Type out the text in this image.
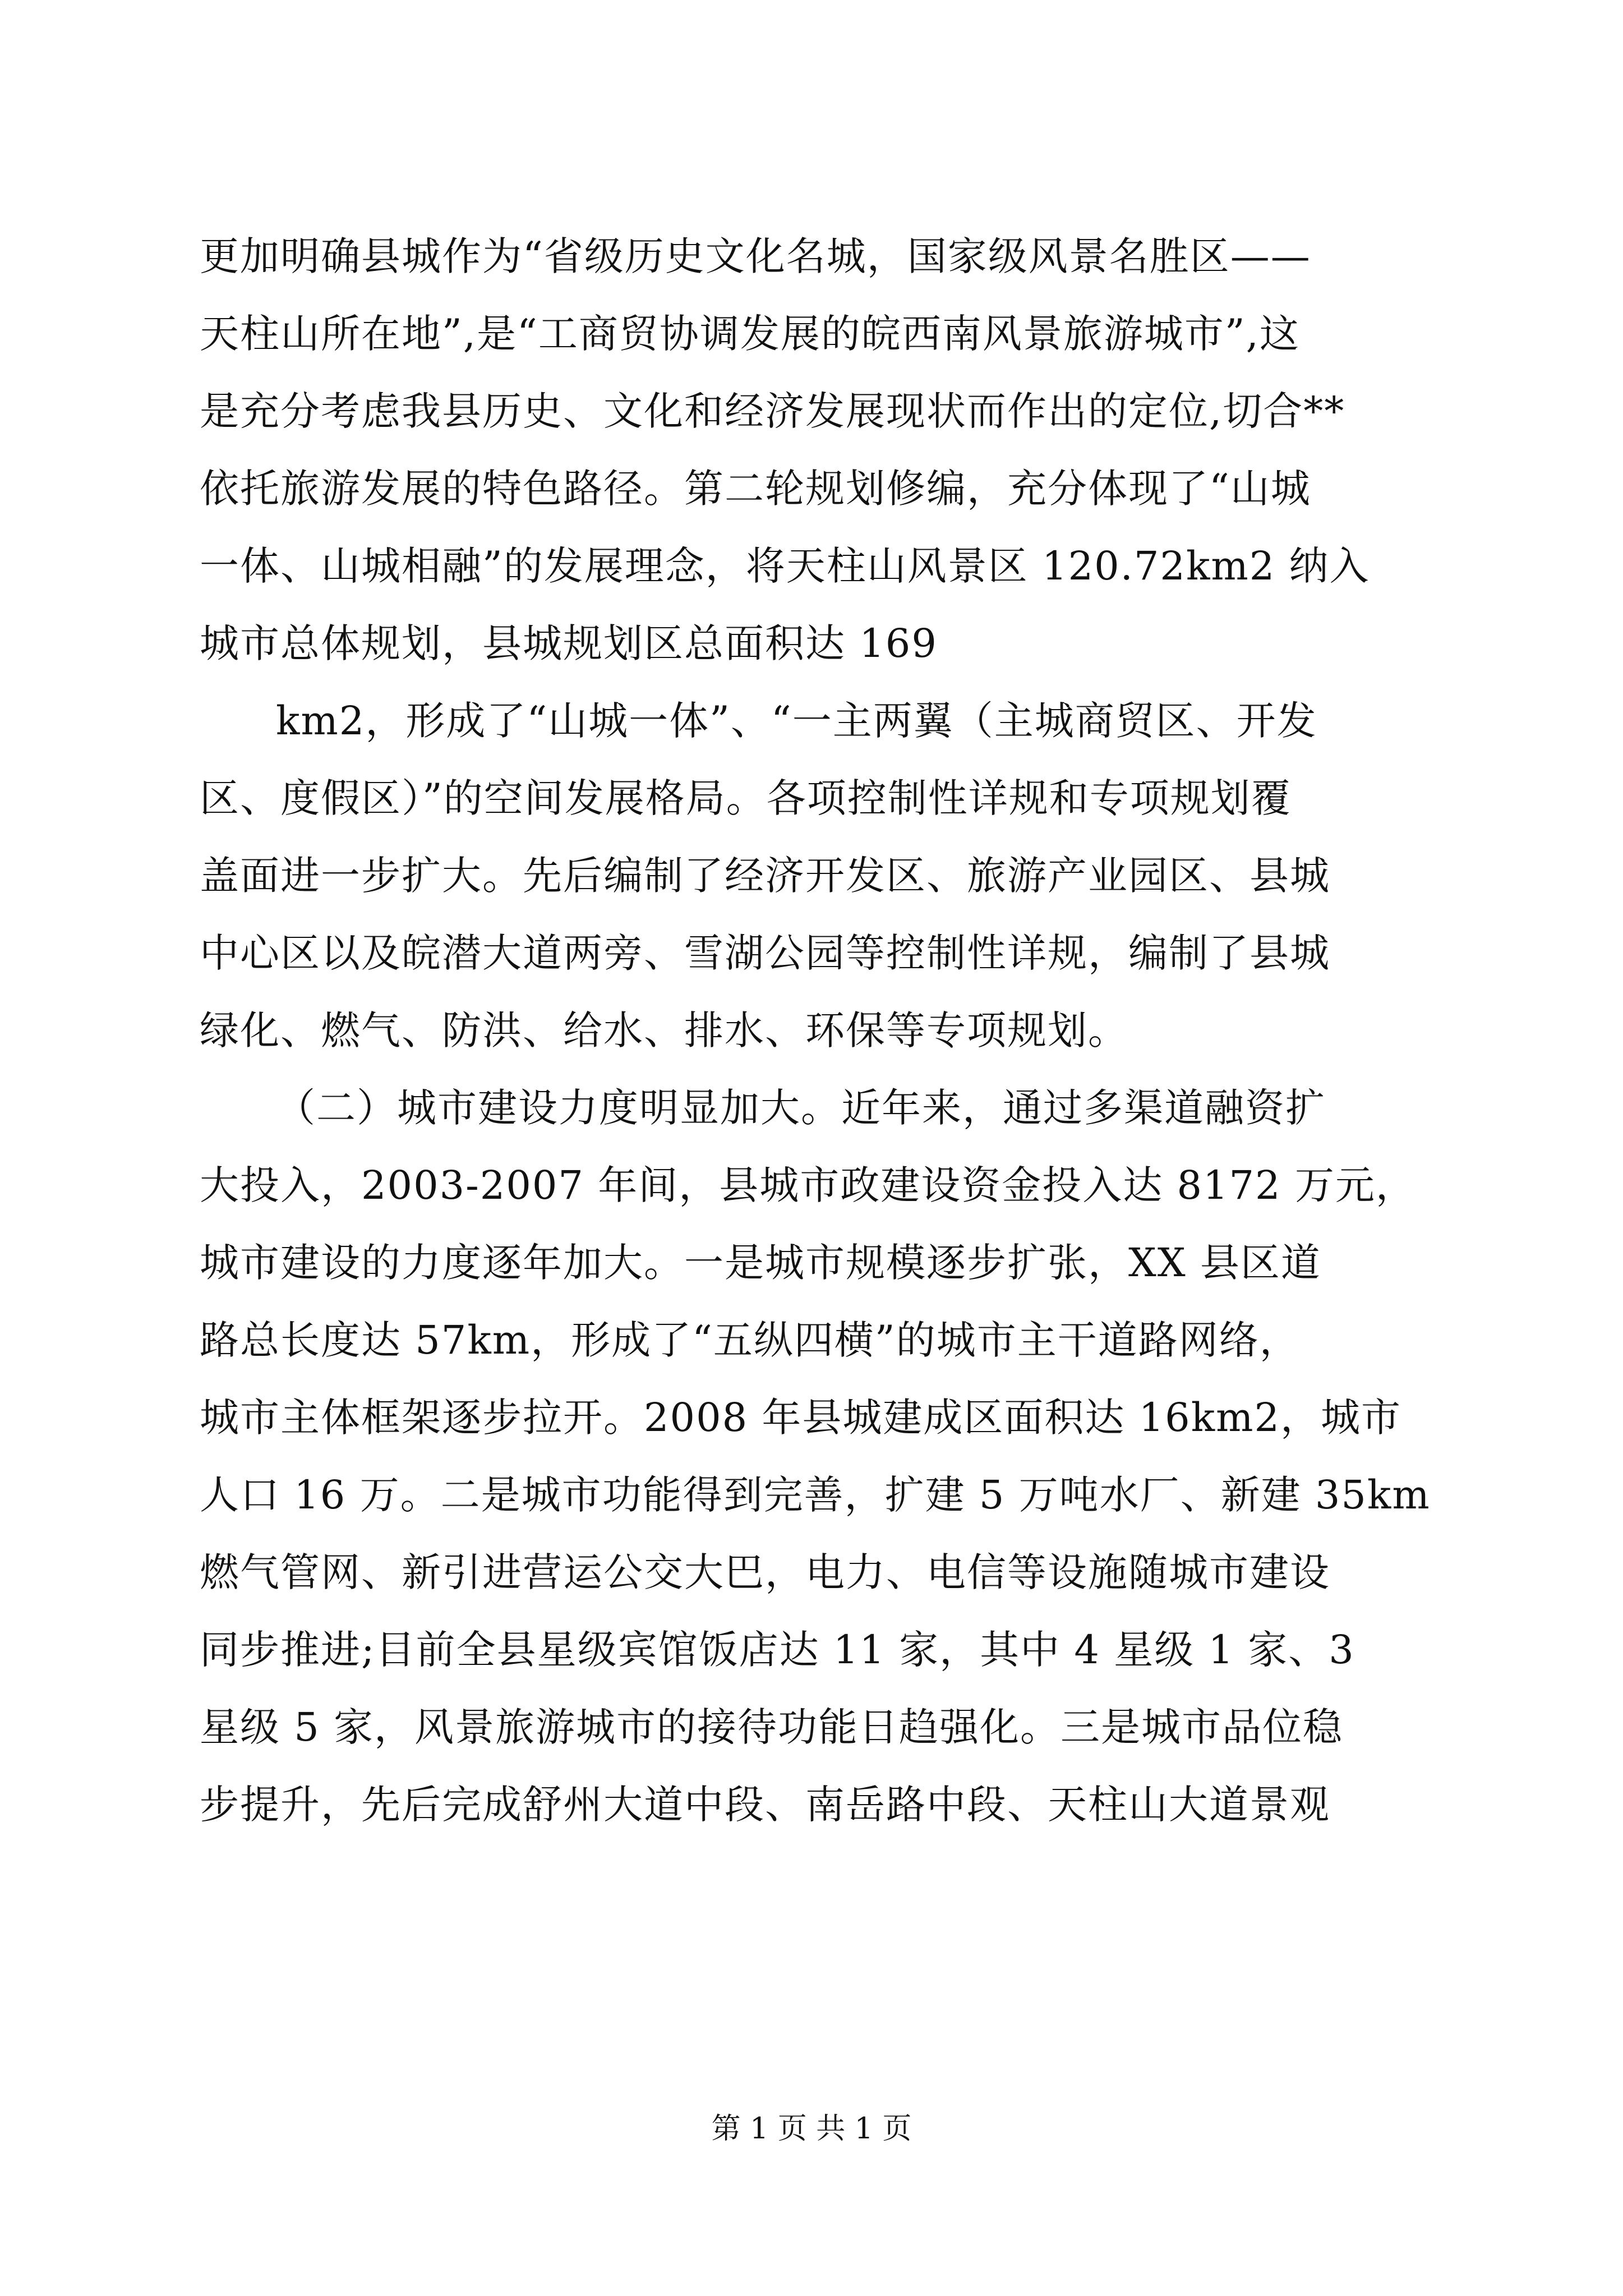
更加明确县城作为“省级历史文化名城，国家级风景名胜区——
天柱山所在地”,是“工商贸协调发展的皖西南风景旅游城市”,这
是充分考虑我县历史、文化和经济发展现状而作出的定位,切合**
依托旅游发展的特色路径。第二轮规划修编，充分体现了“山城
一体、山城相融”的发展理念，将天柱山风景区 120.72km2 纳入
城市总体规划，县城规划区总面积达 169
km2，形成了“山城一体”、“一主两翼（主城商贸区、开发
区、度假区）”的空间发展格局。各项控制性详规和专项规划覆
盖面进一步扩大。先后编制了经济开发区、旅游产业园区、县城
中心区以及皖潜大道两旁、雪湖公园等控制性详规，编制了县城
绿化、燃气、防洪、给水、排水、环保等专项规划。
（二）城市建设力度明显加大。近年来，通过多渠道融资扩
大投入，2003-2007 年间，县城市政建设资金投入达 8172 万元，
城市建设的力度逐年加大。一是城市规模逐步扩张，XX 县区道
路总长度达 57km，形成了“五纵四横”的城市主干道路网络，
城市主体框架逐步拉开。2008 年县城建成区面积达 16km2，城市
人口 16 万。二是城市功能得到完善，扩建 5 万吨水厂、新建 35km
燃气管网、新引进营运公交大巴，电力、电信等设施随城市建设
同步推进;目前全县星级宾馆饭店达 11 家，其中 4 星级 1 家、3
星级 5 家，风景旅游城市的接待功能日趋强化。三是城市品位稳
步提升，先后完成舒州大道中段、南岳路中段、天柱山大道景观
第 1 页 共 1 页
